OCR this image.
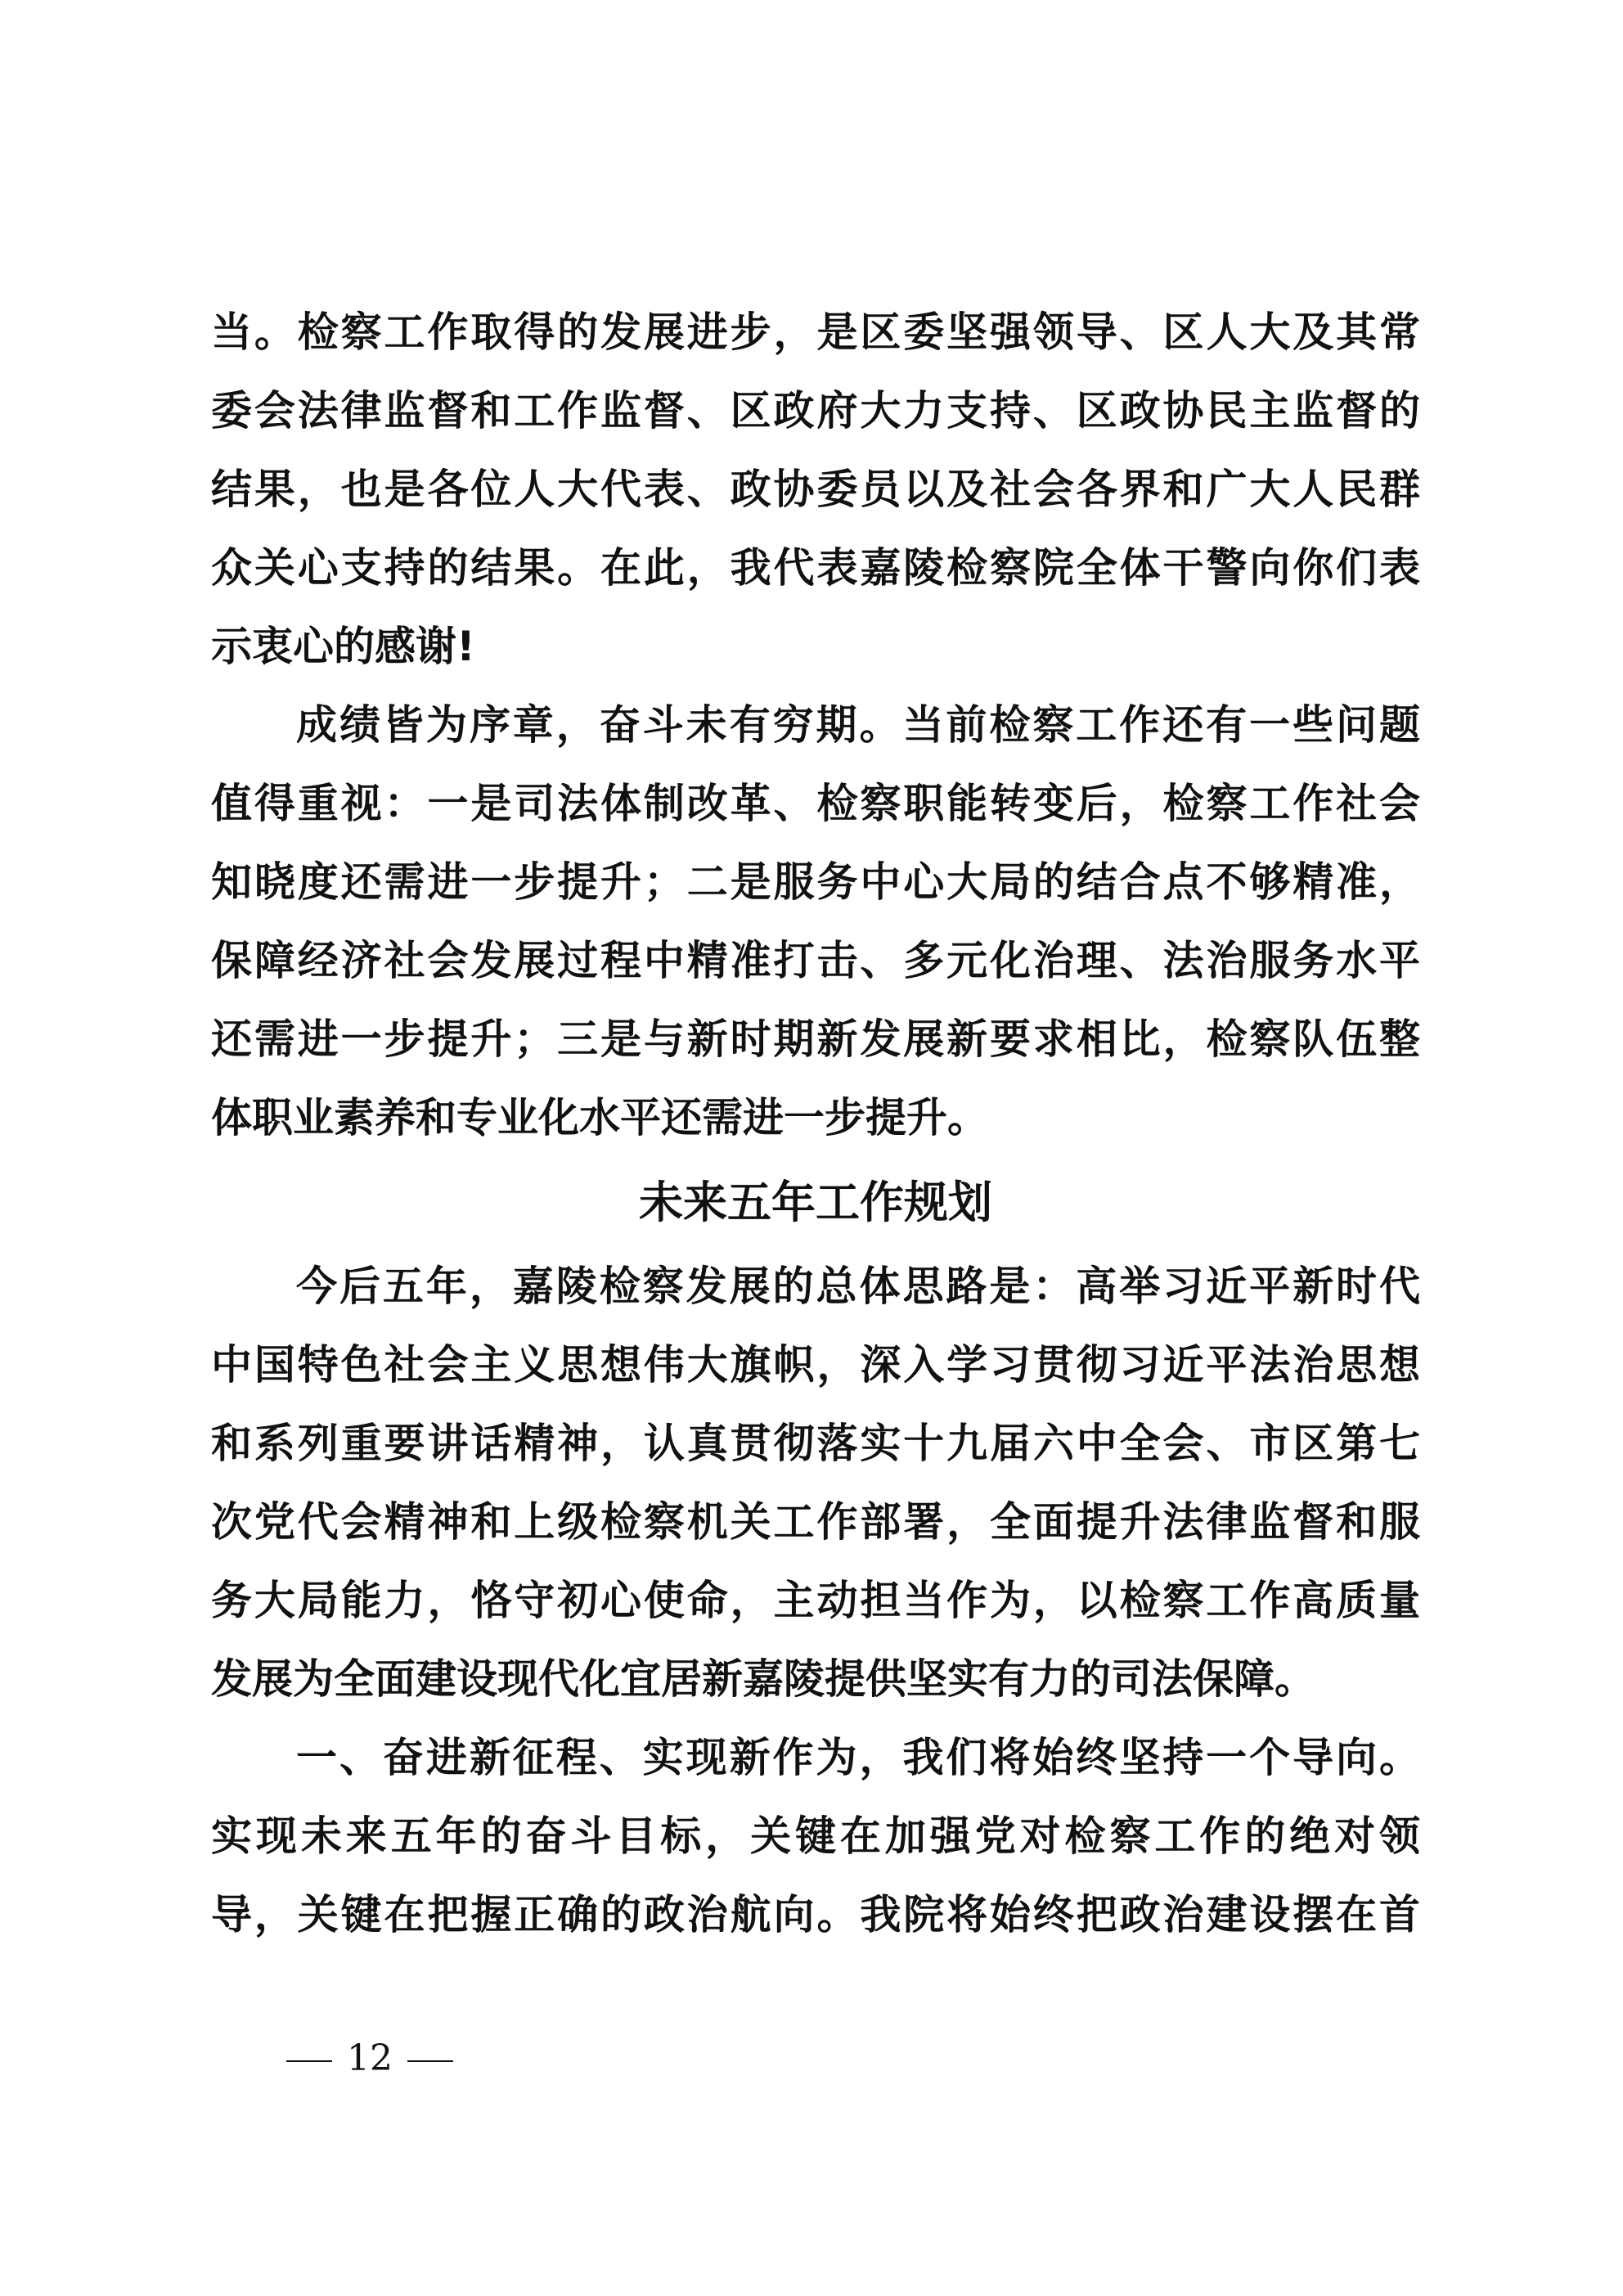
当。检察工作取得的发展进步，是区委坚强领导、区人大及其常
委会法律监督和工作监督、区政府大力支持、区政协民主监督的
结果，也是各位人大代表、政协委员以及社会各界和广大人民群
众关心支持的结果。在此，我代表嘉陵检察院全体干警向你们表
示衷心的感谢!
成绩皆为序章，奋斗未有穷期。当前检察工作还有一些问题
值得重视：一是司法体制改革、检察职能转变后，检察工作社会
知晓度还需进一步提升；二是服务中心大局的结合点不够精准，
保障经济社会发展过程中精准打击、多元化治理、法治服务水平
还需进一步提升；三是与新时期新发展新要求相比，检察队伍整
体职业素养和专业化水平还需进一步提升。
未来五年工作规划
今后五年，嘉陵检察发展的总体思路是：高举习近平新时代
中国特色社会主义思想伟大旗帜，深入学习贯彻习近平法治思想
和系列重要讲话精神，认真贯彻落实十九届六中全会、市区第七
次党代会精神和上级检察机关工作部署，全面提升法律监督和服
务大局能力，恪守初心使命，主动担当作为，以检察工作高质量
发展为全面建设现代化宜居新嘉陵提供坚实有力的司法保障。
一、奋进新征程、实现新作为，我们将始终坚持一个导向。
实现未来五年的奋斗目标，关键在加强党对检察工作的绝对领
导，关键在把握正确的政治航向。我院将始终把政治建设摆在首
12
